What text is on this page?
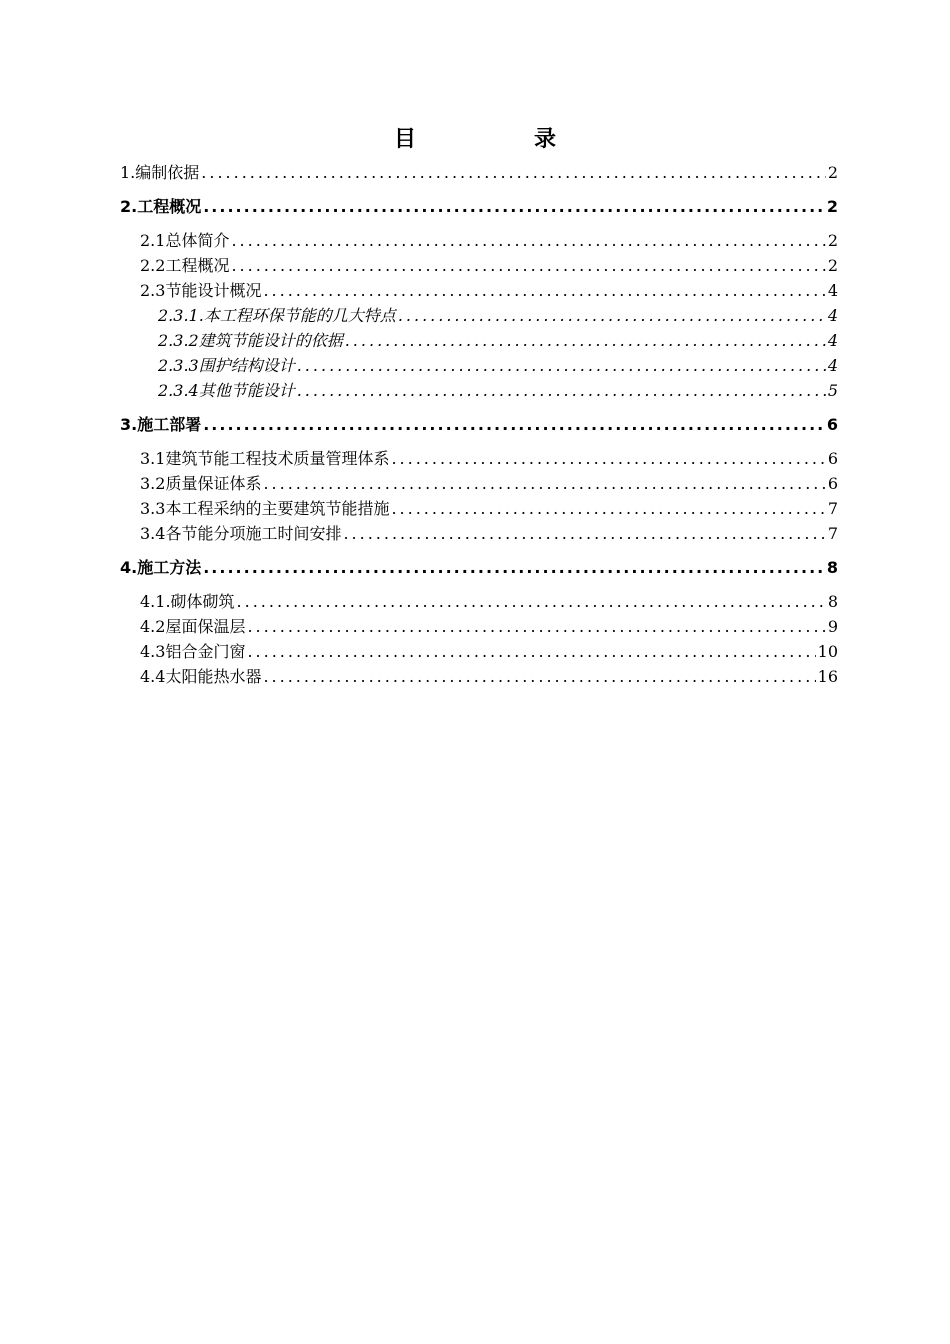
目　录
1.编制依据 .....	2
2.工程概况 .....	2
2.1总体简介 .....	2
2.2工程概况 .....	2
2.3节能设计概况 .....	4
2.3.1.本工程环保节能的几大特点 .....	4
2.3.2建筑节能设计的依据 .....	4
2.3.3围护结构设计 .....	4
2.3.4其他节能设计 .....	5
3.施工部署 .....	6
3.1建筑节能工程技术质量管理体系 .....	6
3.2质量保证体系 .....	6
3.3本工程采纳的主要建筑节能措施 .....	7
3.4各节能分项施工时间安排 .....	7
4.施工方法 .....	8
4.1.砌体砌筑 .....	8
4.2屋面保温层 .....	9
4.3铝合金门窗 .....	10
4.4太阳能热水器 .....	16
